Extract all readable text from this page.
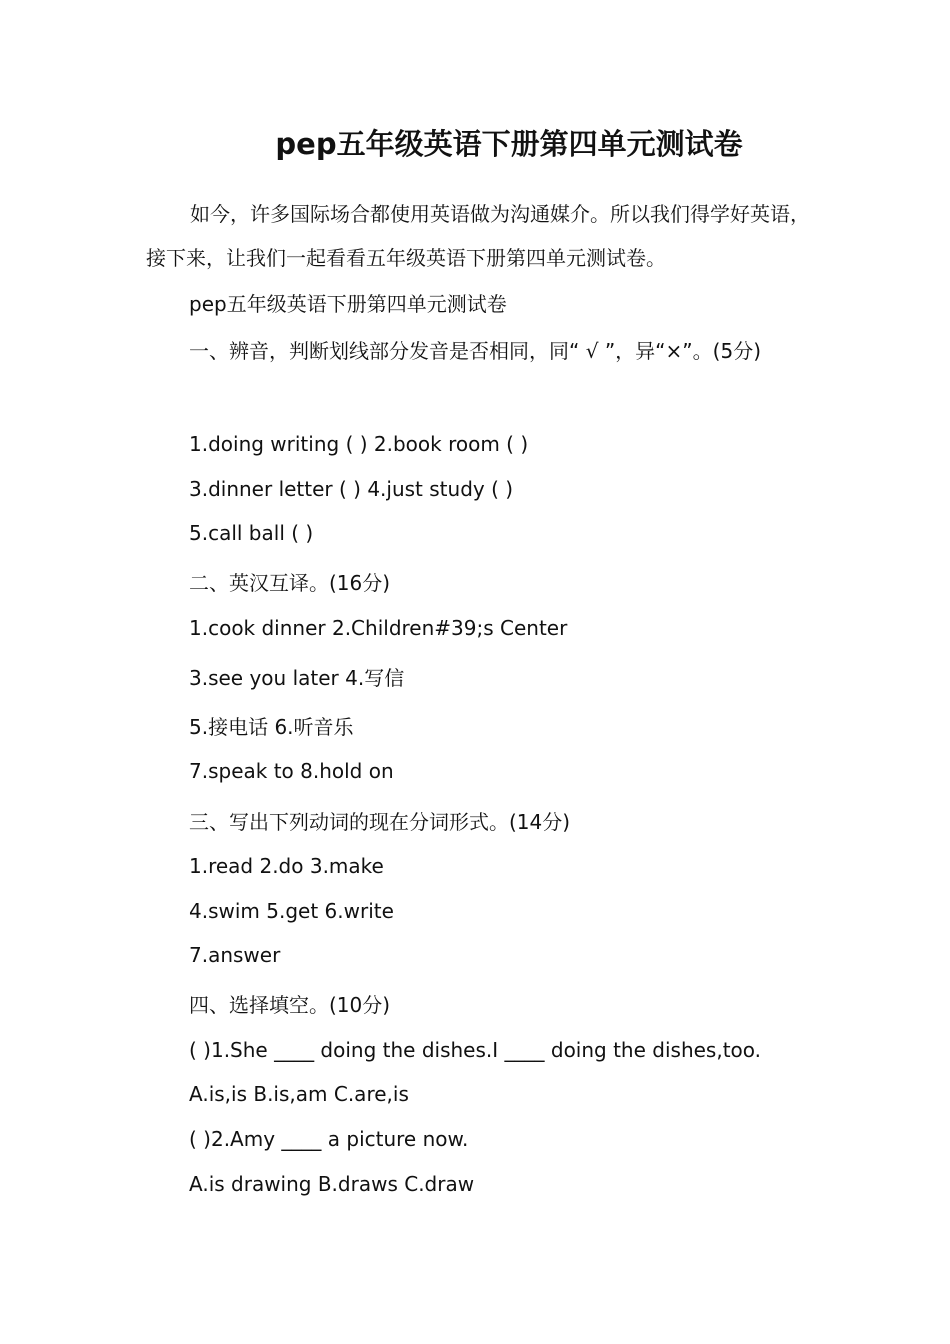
pep五年级英语下册第四单元测试卷

如今，许多国际场合都使用英语做为沟通媒介。所以我们得学好英语，接下来，让我们一起看看五年级英语下册第四单元测试卷。

pep五年级英语下册第四单元测试卷

一、辨音，判断划线部分发音是否相同，同“ √ ”，异“×”。(5分)

1.doing writing ( ) 2.book room ( )

3.dinner letter ( ) 4.just study ( )

5.call ball ( )

二、英汉互译。(16分)

1.cook dinner 2.Children#39;s Center

3.see you later 4.写信

5.接电话 6.听音乐

7.speak to 8.hold on

三、写出下列动词的现在分词形式。(14分)

1.read 2.do 3.make

4.swim 5.get 6.write

7.answer

四、选择填空。(10分)

( )1.She ____ doing the dishes.I ____ doing the dishes,too.

A.is,is B.is,am C.are,is

( )2.Amy ____ a picture now.

A.is drawing B.draws C.draw
